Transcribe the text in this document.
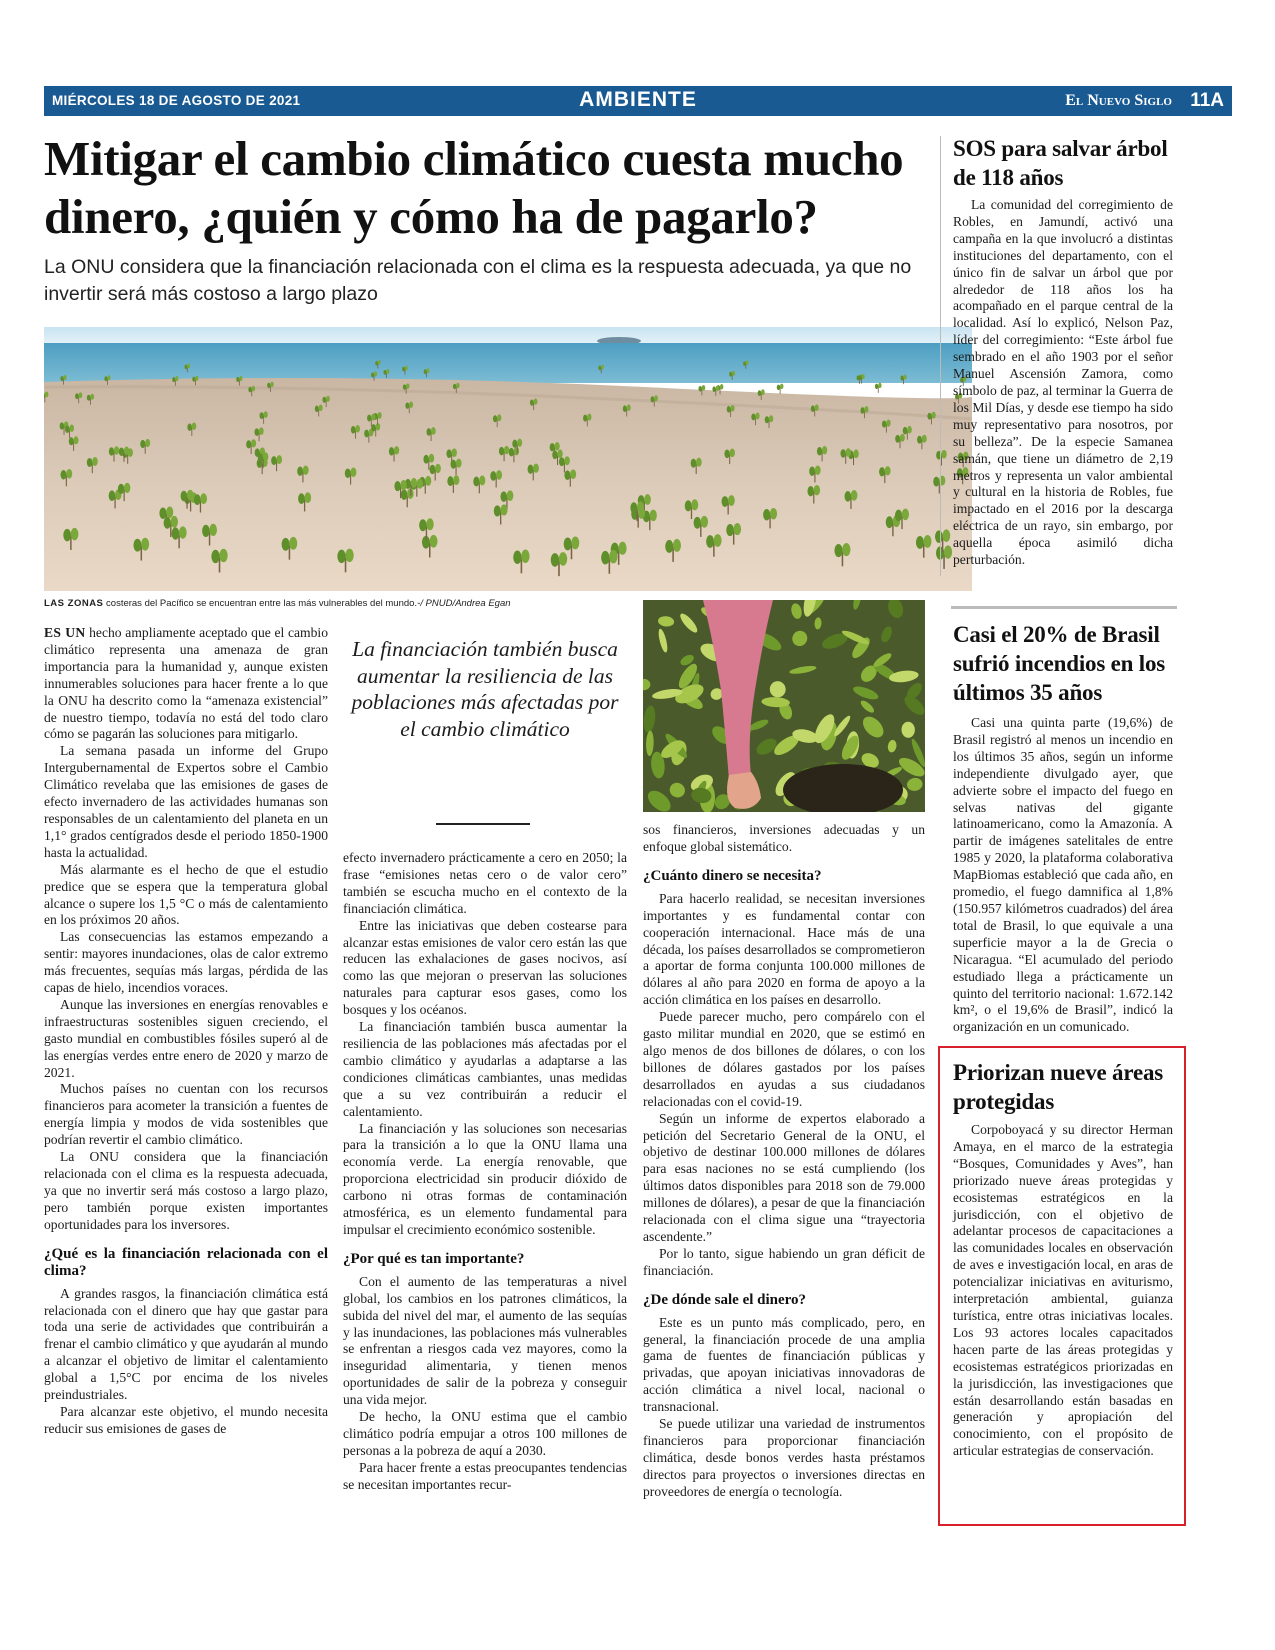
MIÉRCOLES 18 DE AGOSTO DE 2021	AMBIENTE	El Nuevo Siglo 11A
Mitigar el cambio climático cuesta mucho dinero, ¿quién y cómo ha de pagarlo?
La ONU considera que la financiación relacionada con el clima es la respuesta adecuada, ya que no invertir será más costoso a largo plazo
LAS ZONAS costeras del Pacífico se encuentran entre las más vulnerables del mundo.-/ PNUD/Andrea Egan

ES UN hecho ampliamente aceptado que el cambio climático representa una amenaza de gran importancia para la humanidad y, aunque existen innumerables soluciones para hacer frente a lo que la ONU ha descrito como la “amenaza existencial” de nuestro tiempo, todavía no está del todo claro cómo se pagarán las soluciones para mitigarlo.

La semana pasada un informe del Grupo Intergubernamental de Expertos sobre el Cambio Climático revelaba que las emisiones de gases de efecto invernadero de las actividades humanas son responsables de un calentamiento del planeta en un 1,1° grados centígrados desde el periodo 1850-1900 hasta la actualidad.

Más alarmante es el hecho de que el estudio predice que se espera que la temperatura global alcance o supere los 1,5 °C o más de calentamiento en los próximos 20 años.

Las consecuencias las estamos empezando a sentir: mayores inundaciones, olas de calor extremo más frecuentes, sequías más largas, pérdida de las capas de hielo, incendios voraces.

Aunque las inversiones en energías renovables e infraestructuras sostenibles siguen creciendo, el gasto mundial en combustibles fósiles superó al de las energías verdes entre enero de 2020 y marzo de 2021.

Muchos países no cuentan con los recursos financieros para acometer la transición a fuentes de energía limpia y modos de vida sostenibles que podrían revertir el cambio climático.

La ONU considera que la financiación relacionada con el clima es la respuesta adecuada, ya que no invertir será más costoso a largo plazo, pero también porque existen importantes oportunidades para los inversores.

¿Qué es la financiación relacionada con el clima?

A grandes rasgos, la financiación climática está relacionada con el dinero que hay que gastar para toda una serie de actividades que contribuirán a frenar el cambio climático y que ayudarán al mundo a alcanzar el objetivo de limitar el calentamiento global a 1,5°C por encima de los niveles preindustriales.

Para alcanzar este objetivo, el mundo necesita reducir sus emisiones de gases de

La financiación también busca aumentar la resiliencia de las poblaciones más afectadas por el cambio climático

efecto invernadero prácticamente a cero en 2050; la frase “emisiones netas cero o de valor cero” también se escucha mucho en el contexto de la financiación climática.

Entre las iniciativas que deben costearse para alcanzar estas emisiones de valor cero están las que reducen las exhalaciones de gases nocivos, así como las que mejoran o preservan las soluciones naturales para capturar esos gases, como los bosques y los océanos.

La financiación también busca aumentar la resiliencia de las poblaciones más afectadas por el cambio climático y ayudarlas a adaptarse a las condiciones climáticas cambiantes, unas medidas que a su vez contribuirán a reducir el calentamiento.

La financiación y las soluciones son necesarias para la transición a lo que la ONU llama una economía verde. La energía renovable, que proporciona electricidad sin producir dióxido de carbono ni otras formas de contaminación atmosférica, es un elemento fundamental para impulsar el crecimiento económico sostenible.

¿Por qué es tan importante?

Con el aumento de las temperaturas a nivel global, los cambios en los patrones climáticos, la subida del nivel del mar, el aumento de las sequías y las inundaciones, las poblaciones más vulnerables se enfrentan a riesgos cada vez mayores, como la inseguridad alimentaria, y tienen menos oportunidades de salir de la pobreza y conseguir una vida mejor.

De hecho, la ONU estima que el cambio climático podría empujar a otros 100 millones de personas a la pobreza de aquí a 2030.

Para hacer frente a estas preocupantes tendencias se necesitan importantes recur-

sos financieros, inversiones adecuadas y un enfoque global sistemático.

¿Cuánto dinero se necesita?

Para hacerlo realidad, se necesitan inversiones importantes y es fundamental contar con cooperación internacional. Hace más de una década, los países desarrollados se comprometieron a aportar de forma conjunta 100.000 millones de dólares al año para 2020 en forma de apoyo a la acción climática en los países en desarrollo.

Puede parecer mucho, pero compárelo con el gasto militar mundial en 2020, que se estimó en algo menos de dos billones de dólares, o con los billones de dólares gastados por los países desarrollados en ayudas a sus ciudadanos relacionadas con el covid-19.

Según un informe de expertos elaborado a petición del Secretario General de la ONU, el objetivo de destinar 100.000 millones de dólares para esas naciones no se está cumpliendo (los últimos datos disponibles para 2018 son de 79.000 millones de dólares), a pesar de que la financiación relacionada con el clima sigue una “trayectoria ascendente.”

Por lo tanto, sigue habiendo un gran déficit de financiación.

¿De dónde sale el dinero?

Este es un punto más complicado, pero, en general, la financiación procede de una amplia gama de fuentes de financiación públicas y privadas, que apoyan iniciativas innovadoras de acción climática a nivel local, nacional o transnacional.

Se puede utilizar una variedad de instrumentos financieros para proporcionar financiación climática, desde bonos verdes hasta préstamos directos para proyectos o inversiones directas en proveedores de energía o tecnología.

SOS para salvar árbol de 118 años

La comunidad del corregimiento de Robles, en Jamundí, activó una campaña en la que involucró a distintas instituciones del departamento, con el único fin de salvar un árbol que por alrededor de 118 años los ha acompañado en el parque central de la localidad. Así lo explicó, Nelson Paz, líder del corregimiento: “Este árbol fue sembrado en el año 1903 por el señor Manuel Ascensión Zamora, como símbolo de paz, al terminar la Guerra de los Mil Días, y desde ese tiempo ha sido muy representativo para nosotros, por su belleza”. De la especie Samanea samán, que tiene un diámetro de 2,19 metros y representa un valor ambiental y cultural en la historia de Robles, fue impactado en el 2016 por la descarga eléctrica de un rayo, sin embargo, por aquella época asimiló dicha perturbación.

Casi el 20% de Brasil sufrió incendios en los últimos 35 años

Casi una quinta parte (19,6%) de Brasil registró al menos un incendio en los últimos 35 años, según un informe independiente divulgado ayer, que advierte sobre el impacto del fuego en selvas nativas del gigante latinoamericano, como la Amazonía. A partir de imágenes satelitales de entre 1985 y 2020, la plataforma colaborativa MapBiomas estableció que cada año, en promedio, el fuego damnifica al 1,8% (150.957 kilómetros cuadrados) del área total de Brasil, lo que equivale a una superficie mayor a la de Grecia o Nicaragua. “El acumulado del periodo estudiado llega a prácticamente un quinto del territorio nacional: 1.672.142 km², o el 19,6% de Brasil”, indicó la organización en un comunicado.

Priorizan nueve áreas protegidas

Corpoboyacá y su director Herman Amaya, en el marco de la estrategia “Bosques, Comunidades y Aves”, han priorizado nueve áreas protegidas y ecosistemas estratégicos en la jurisdicción, con el objetivo de adelantar procesos de capacitaciones a las comunidades locales en observación de aves e investigación local, en aras de potencializar iniciativas en aviturismo, interpretación ambiental, guianza turística, entre otras iniciativas locales. Los 93 actores locales capacitados hacen parte de las áreas protegidas y ecosistemas estratégicos priorizadas en la jurisdicción, las investigaciones que están desarrollando están basadas en generación y apropiación del conocimiento, con el propósito de articular estrategias de conservación.
